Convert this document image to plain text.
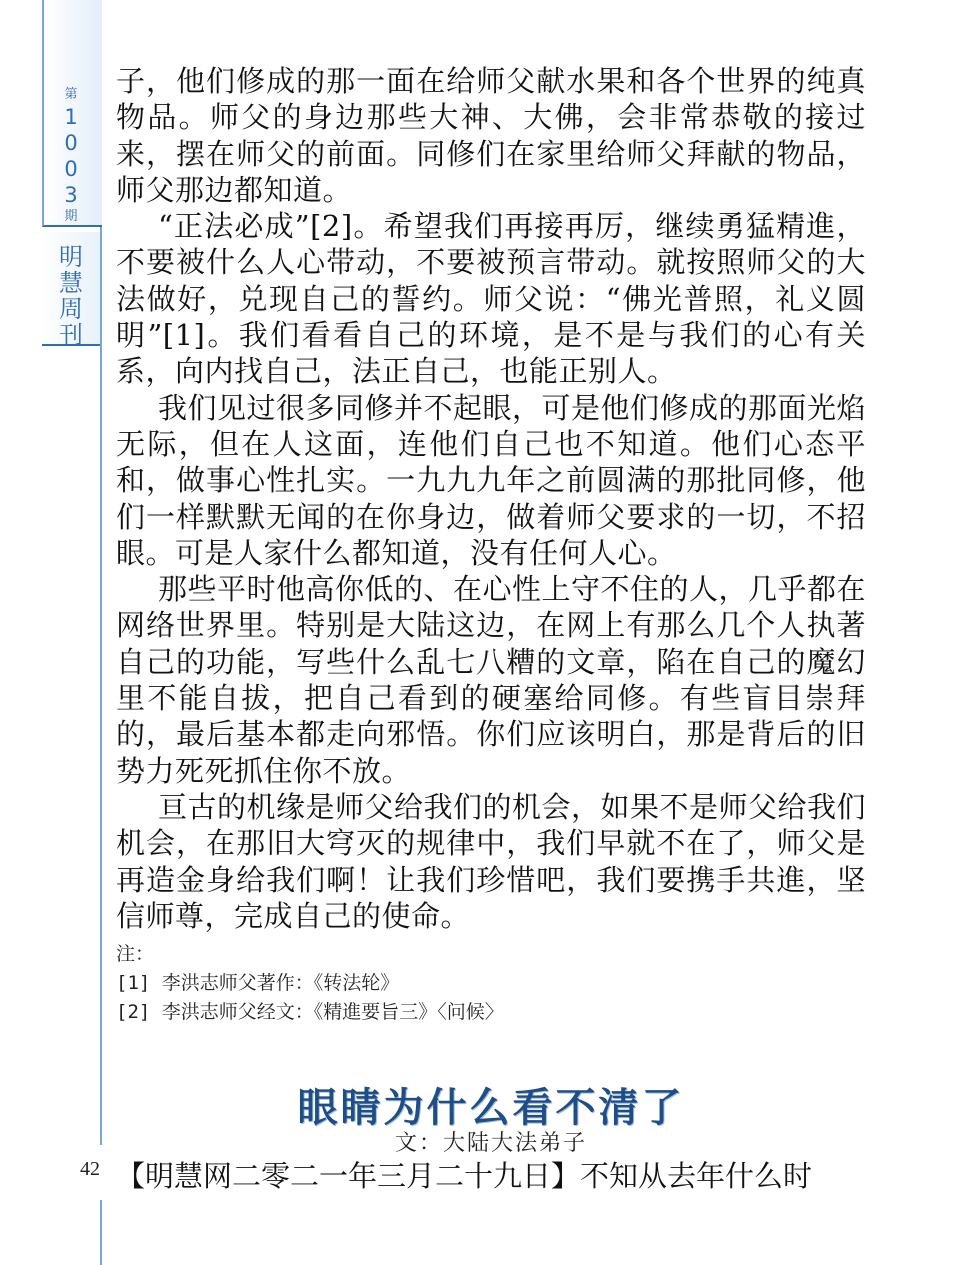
第
1
0
0
3
期
明
慧
周
刊
42

子，他们修成的那一面在给师父献水果和各个世界的纯真物品。师父的身边那些大神、大佛，会非常恭敬的接过来，摆在师父的前面。同修们在家里给师父拜献的物品，师父那边都知道。

“正法必成”[2]。希望我们再接再厉，继续勇猛精進，不要被什么人心带动，不要被预言带动。就按照师父的大法做好，兑现自己的誓约。师父说：“佛光普照，礼义圆明”[1]。我们看看自己的环境，是不是与我们的心有关系，向内找自己，法正自己，也能正别人。

我们见过很多同修并不起眼，可是他们修成的那面光焰无际，但在人这面，连他们自己也不知道。他们心态平和，做事心性扎实。一九九九年之前圆满的那批同修，他们一样默默无闻的在你身边，做着师父要求的一切，不招眼。可是人家什么都知道，没有任何人心。

那些平时他高你低的、在心性上守不住的人，几乎都在网络世界里。特别是大陆这边，在网上有那么几个人执著自己的功能，写些什么乱七八糟的文章，陷在自己的魔幻里不能自拔，把自己看到的硬塞给同修。有些盲目崇拜的，最后基本都走向邪悟。你们应该明白，那是背后的旧势力死死抓住你不放。

亘古的机缘是师父给我们的机会，如果不是师父给我们机会，在那旧大穹灭的规律中，我们早就不在了，师父是再造金身给我们啊！让我们珍惜吧，我们要携手共進，坚信师尊，完成自己的使命。

注：
[1] 李洪志师父著作：《转法轮》
[2] 李洪志师父经文：《精進要旨三》〈问候〉
眼睛为什么看不清了
文：大陆大法弟子
【明慧网二零二一年三月二十九日】不知从去年什么时
